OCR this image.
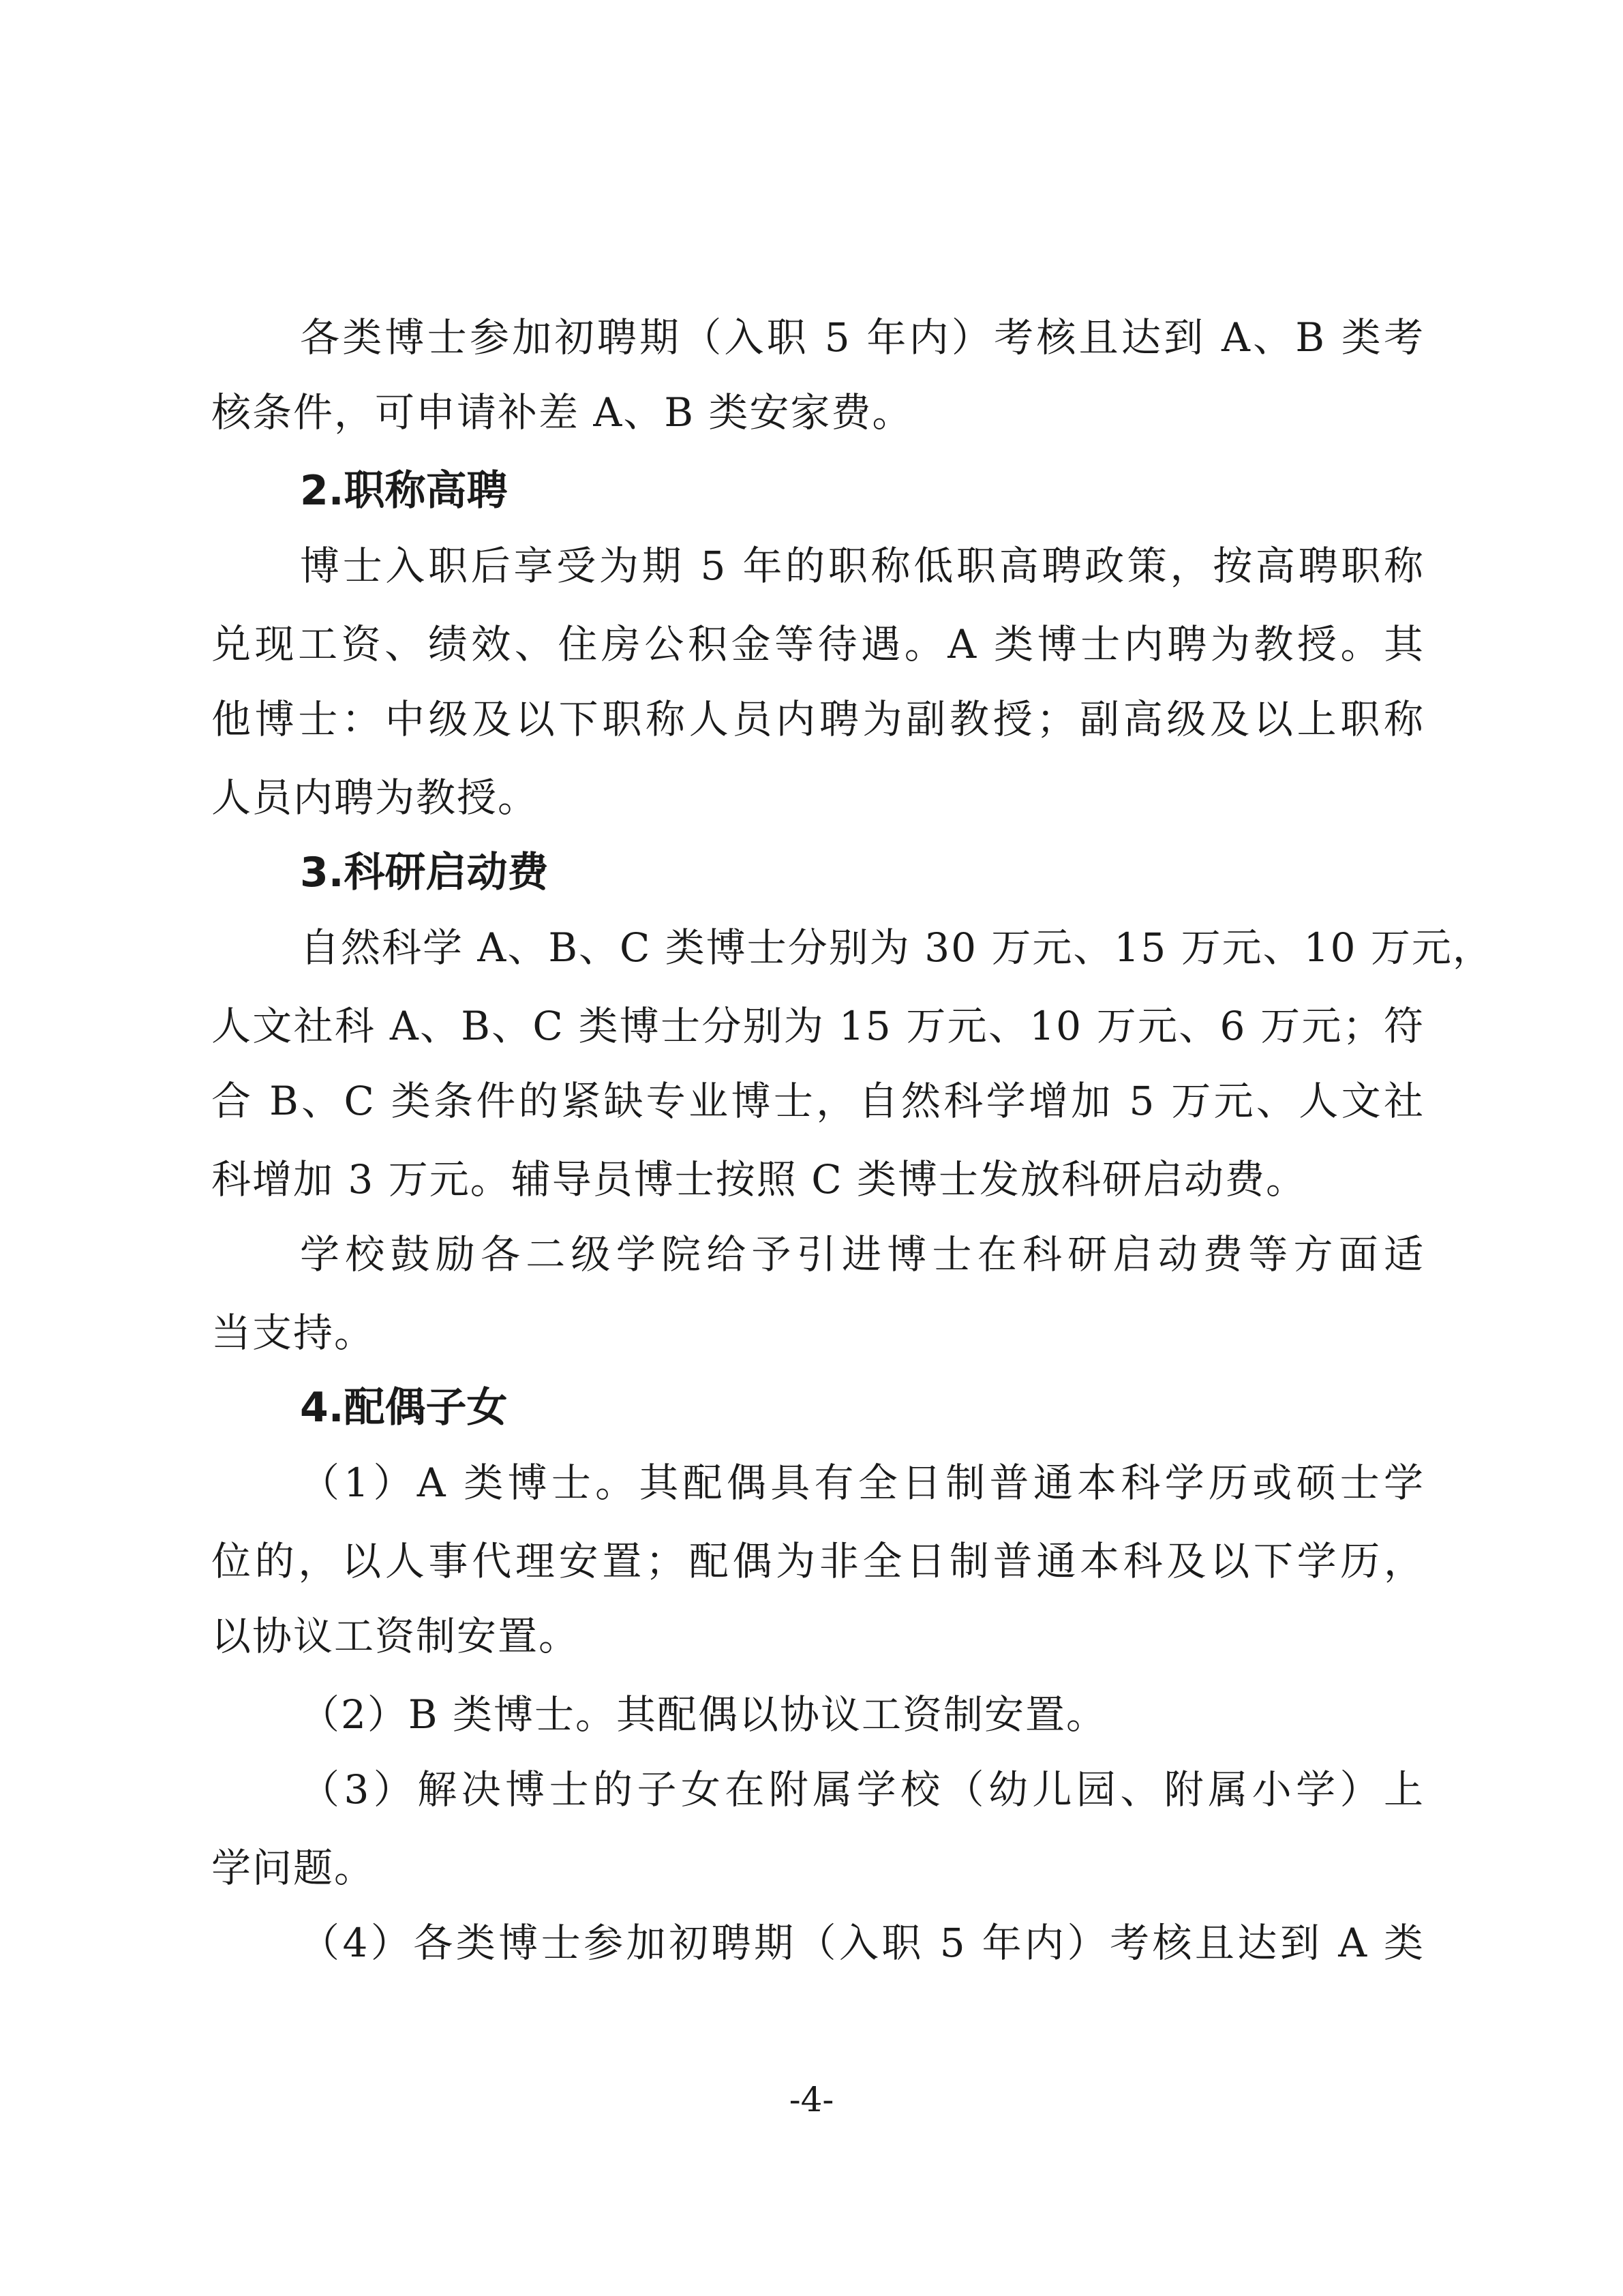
各类博士参加初聘期（入职 5 年内）考核且达到 A、B 类考
核条件，可申请补差 A、B 类安家费。
2.职称高聘
博士入职后享受为期 5 年的职称低职高聘政策，按高聘职称
兑现工资、绩效、住房公积金等待遇。A 类博士内聘为教授。其
他博士：中级及以下职称人员内聘为副教授；副高级及以上职称
人员内聘为教授。
3.科研启动费
自然科学 A、B、C 类博士分别为 30 万元、15 万元、10 万元，
人文社科 A、B、C 类博士分别为 15 万元、10 万元、6 万元；符
合 B、C 类条件的紧缺专业博士，自然科学增加 5 万元、人文社
科增加 3 万元。辅导员博士按照 C 类博士发放科研启动费。
学校鼓励各二级学院给予引进博士在科研启动费等方面适
当支持。
4.配偶子女
（1）A 类博士。其配偶具有全日制普通本科学历或硕士学
位的，以人事代理安置；配偶为非全日制普通本科及以下学历，
以协议工资制安置。
（2）B 类博士。其配偶以协议工资制安置。
（3）解决博士的子女在附属学校（幼儿园、附属小学）上
学问题。
（4）各类博士参加初聘期（入职 5 年内）考核且达到 A 类
-4-
